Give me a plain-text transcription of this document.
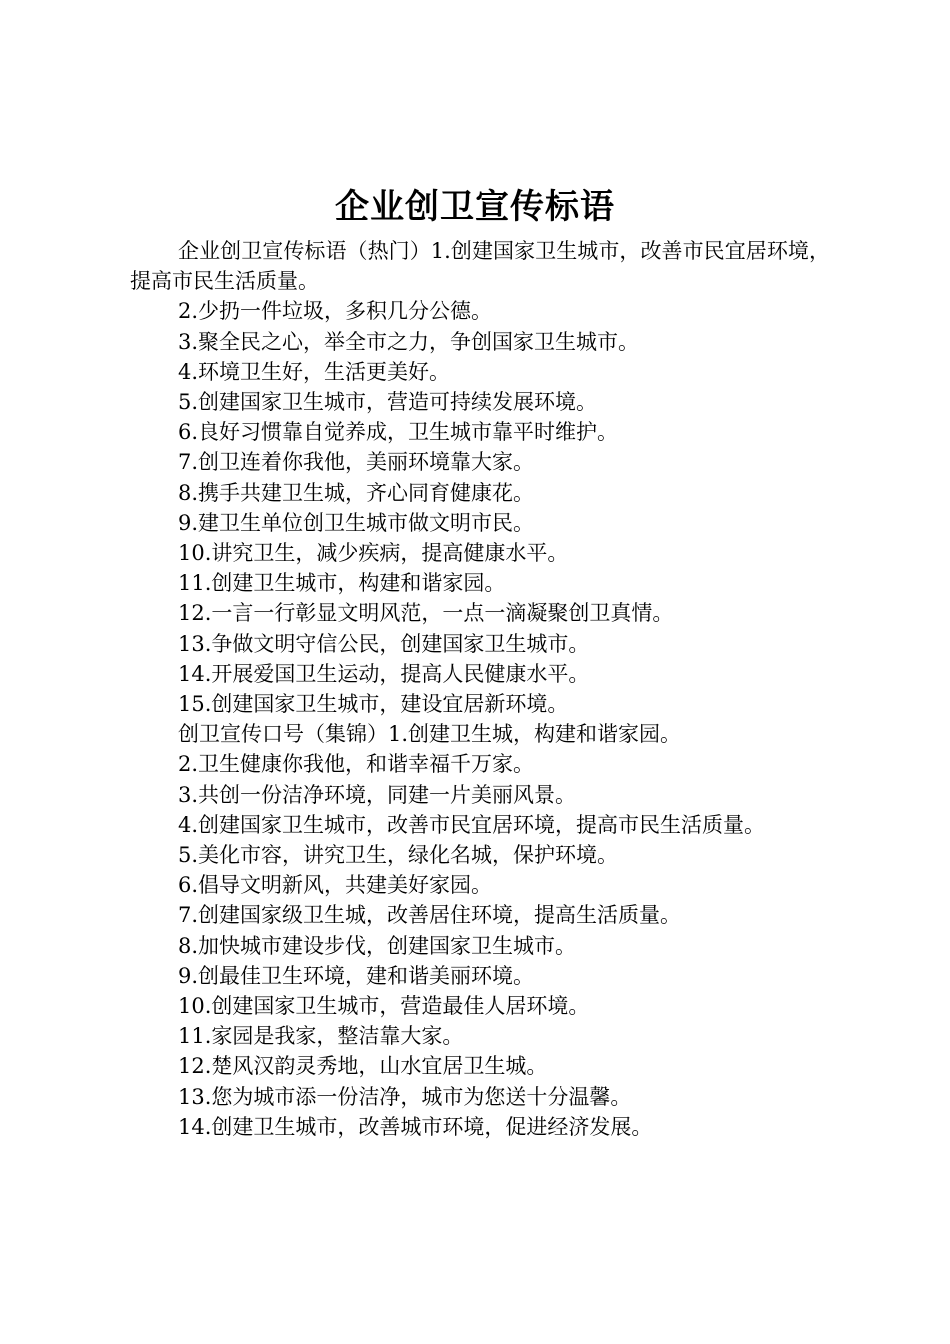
企业创卫宣传标语
企业创卫宣传标语（热门）1.创建国家卫生城市，改善市民宜居环境，提高市民生活质量。
2.少扔一件垃圾，多积几分公德。
3.聚全民之心，举全市之力，争创国家卫生城市。
4.环境卫生好，生活更美好。
5.创建国家卫生城市，营造可持续发展环境。
6.良好习惯靠自觉养成，卫生城市靠平时维护。
7.创卫连着你我他，美丽环境靠大家。
8.携手共建卫生城，齐心同育健康花。
9.建卫生单位创卫生城市做文明市民。
10.讲究卫生，减少疾病，提高健康水平。
11.创建卫生城市，构建和谐家园。
12.一言一行彰显文明风范，一点一滴凝聚创卫真情。
13.争做文明守信公民，创建国家卫生城市。
14.开展爱国卫生运动，提高人民健康水平。
15.创建国家卫生城市，建设宜居新环境。
创卫宣传口号（集锦）1.创建卫生城，构建和谐家园。
2.卫生健康你我他，和谐幸福千万家。
3.共创一份洁净环境，同建一片美丽风景。
4.创建国家卫生城市，改善市民宜居环境，提高市民生活质量。
5.美化市容，讲究卫生，绿化名城，保护环境。
6.倡导文明新风，共建美好家园。
7.创建国家级卫生城，改善居住环境，提高生活质量。
8.加快城市建设步伐，创建国家卫生城市。
9.创最佳卫生环境，建和谐美丽环境。
10.创建国家卫生城市，营造最佳人居环境。
11.家园是我家，整洁靠大家。
12.楚风汉韵灵秀地，山水宜居卫生城。
13.您为城市添一份洁净，城市为您送十分温馨。
14.创建卫生城市，改善城市环境，促进经济发展。
